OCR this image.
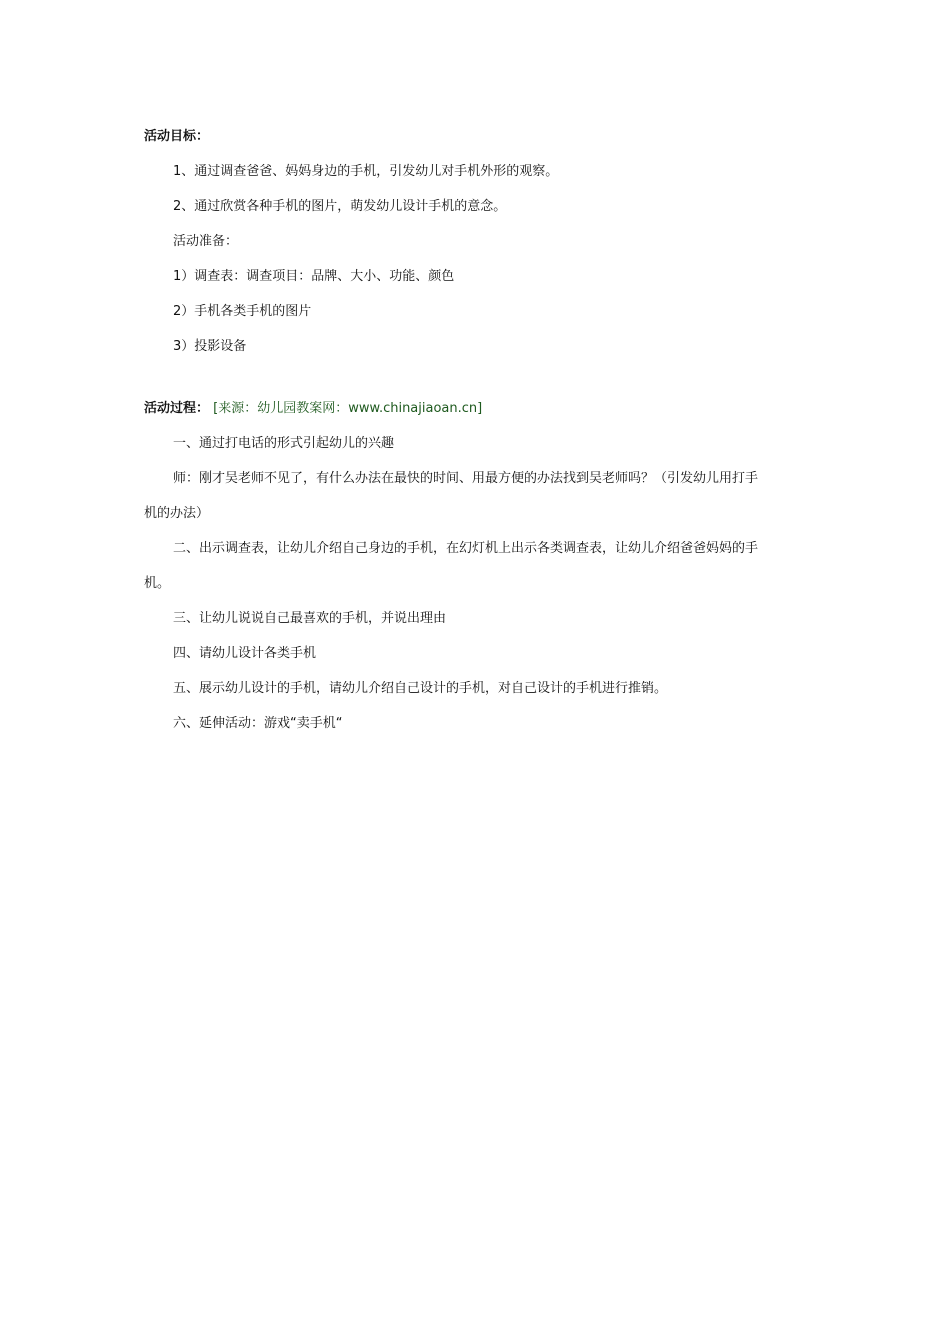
活动目标：
1、通过调查爸爸、妈妈身边的手机，引发幼儿对手机外形的观察。
2、通过欣赏各种手机的图片，萌发幼儿设计手机的意念。
活动准备：
1）调查表：调查项目：品牌、大小、功能、颜色
2）手机各类手机的图片
3）投影设备
活动过程： [来源：幼儿园教案网：www.chinajiaoan.cn]
一、通过打电话的形式引起幼儿的兴趣
师：刚才吴老师不见了，有什么办法在最快的时间、用最方便的办法找到吴老师吗？（引发幼儿用打手
机的办法）
二、出示调查表，让幼儿介绍自己身边的手机，在幻灯机上出示各类调查表，让幼儿介绍爸爸妈妈的手
机。
三、让幼儿说说自己最喜欢的手机，并说出理由
四、请幼儿设计各类手机
五、展示幼儿设计的手机，请幼儿介绍自己设计的手机，对自己设计的手机进行推销。
六、延伸活动：游戏“卖手机“
